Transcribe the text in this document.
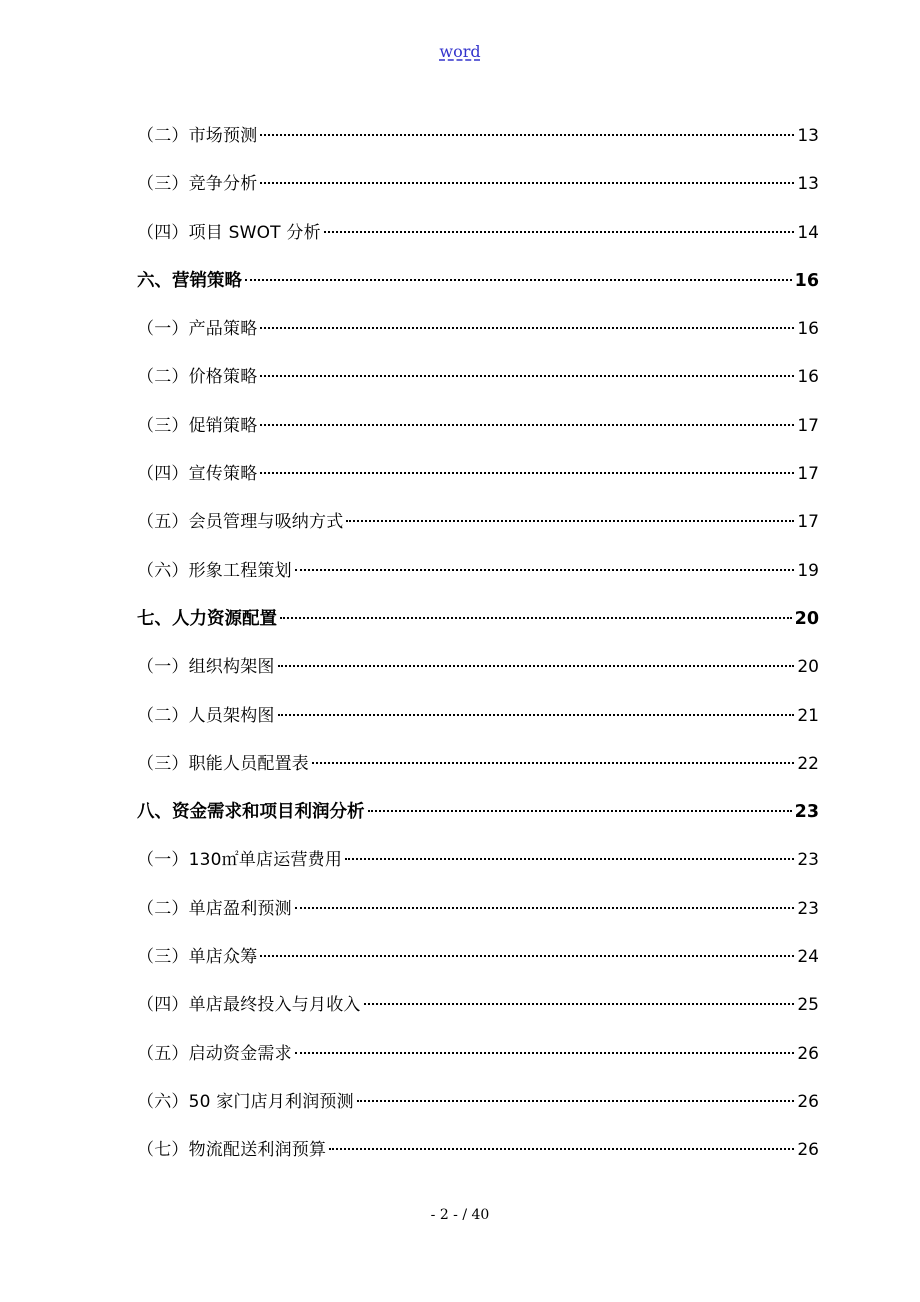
word
（二）市场预测	13
（三）竞争分析	13
（四）项目 SWOT 分析	14
六、营销策略	16
（一）产品策略	16
（二）价格策略	16
（三）促销策略	17
（四）宣传策略	17
（五）会员管理与吸纳方式	17
（六）形象工程策划	19
七、人力资源配置	20
（一）组织构架图	20
（二）人员架构图	21
（三）职能人员配置表	22
八、资金需求和项目利润分析	23
（一）130㎡单店运营费用	23
（二）单店盈利预测	23
（三）单店众筹	24
（四）单店最终投入与月收入	25
（五）启动资金需求	26
（六）50 家门店月利润预测	26
（七）物流配送利润预算	26
- 2 - / 40
